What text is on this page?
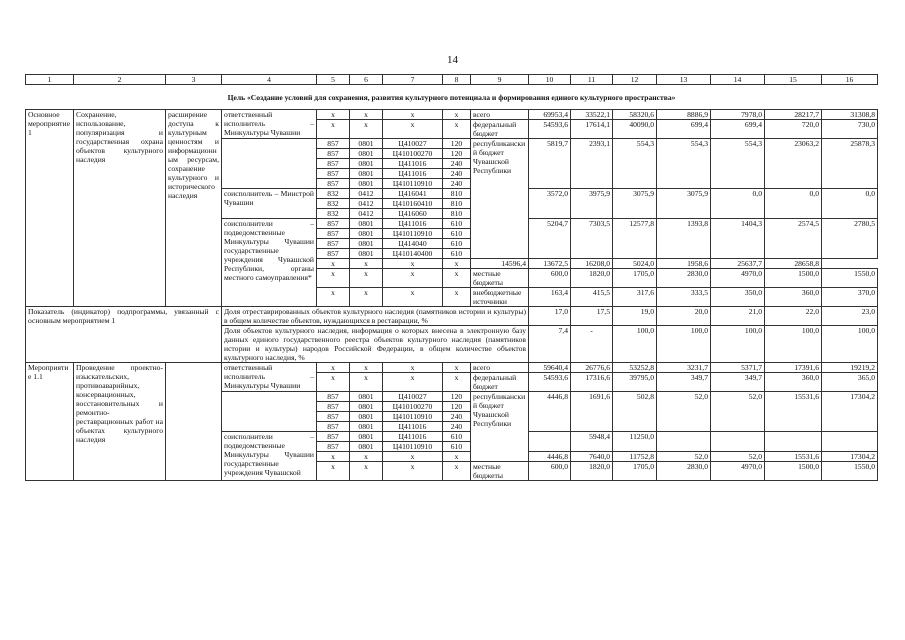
14
1	2	3	4	5	6	7	8	9	10	11	12	13	14	15	16
Цель «Создание условий для сохранения, развития культурного потенциала и формирования единого культурного пространства»															
Основное мероприятие 1	Сохранение, использование, популяризация и государственная охрана объектов культурного наследия	расширение доступа к культурным ценностям и информационным ресурсам, сохранение культурного и исторического наследия	ответственный исполнитель – Минкультуры Чувашии	x	x	x	x	всего	69953,4	33522,1	58320,6	8886,9	7978,0	28217,7	31308,8
				x	x	x	x	федеральный бюджет	54593,6	17614,1	40090,0	699,4	699,4	720,0	730,0
				857	0801	Ц410027	120	республиканский бюджет Чувашской Республики	5819,7	2393,1	554,3	554,3	554,3	23063,2	25878,3
				857	0801	Ц410100270	120								
				857	0801	Ц411016	240								
				857	0801	Ц411016	240								
				857	0801	Ц410110910	240								
			соисполнитель – Минстрой Чувашии	832	0412	Ц416041	810		3572,0	3975,9	3075,9	3075,9	0,0	0,0	0,0
				832	0412	Ц410160410	810								
				832	0412	Ц416060	810								
			соисполнители – подведомственные Минкультуры Чувашии государственные учреждения Чувашской Республики, органы местного самоуправления*	857	0801	Ц411016	610		5204,7	7303,5	12577,8	1393,8	1404,3	2574,5	2780,5
				857	0801	Ц410110910	610								
				857	0801	Ц414040	610								
				857	0801	Ц410140400	610								
				x	x	x	x	14596,4	13672,5	16208,0	5024,0	1958,6	25637,7	28658,8	
				x	x	x	x	местные бюджеты	600,0	1820,0	1705,0	2830,0	4970,0	1500,0	1550,0
				x	x	x	x	внебюджетные источники	163,4	415,5	317,6	333,5	350,0	360,0	370,0
Показатель (индикатор) подпрограммы, увязанный с основным мероприятием 1			Доля отреставрированных объектов культурного наследия (памятников истории и культуры) в общем количестве объектов, нуждающихся в реставрации, %						17,0	17,5	19,0	20,0	21,0	22,0	23,0
			Доля объектов культурного наследия, информация о которых внесена в электронную базу данных единого государственного реестра объектов культурного наследия (памятников истории и культуры) народов Российской Федерации, в общем количестве объектов культурного наследия, %						7,4	-	100,0	100,0	100,0	100,0	100,0
Мероприятие 1.1	Проведение проектно-изыскательских, противоаварийных, консервационных, восстановительных и ремонтно-реставрационных работ на объектах культурного наследия		ответственный исполнитель – Минкультуры Чувашии	x	x	x	x	всего	59640,4	26776,6	53252,8	3231,7	5371,7	17391,6	19219,2
				x	x	x	x	федеральный бюджет	54593,6	17316,6	39795,0	349,7	349,7	360,0	365,0
				857	0801	Ц410027	120	республиканский бюджет Чувашской Республики	4446,8	1691,6	502,8	52,0	52,0	15531,6	17304,2
				857	0801	Ц410100270	120								
				857	0801	Ц410110910	240								
				857	0801	Ц411016	240								
			соисполнители – подведомственные Минкультуры Чувашии государственные учреждения Чувашской	857	0801	Ц411016	610			5948,4	11250,0				
				857	0801	Ц410110910	610								
				x	x	x	x		4446,8	7640,0	11752,8	52,0	52,0	15531,6	17304,2
				x	x	x	x	местные бюджеты	600,0	1820,0	1705,0	2830,0	4970,0	1500,0	1550,0
